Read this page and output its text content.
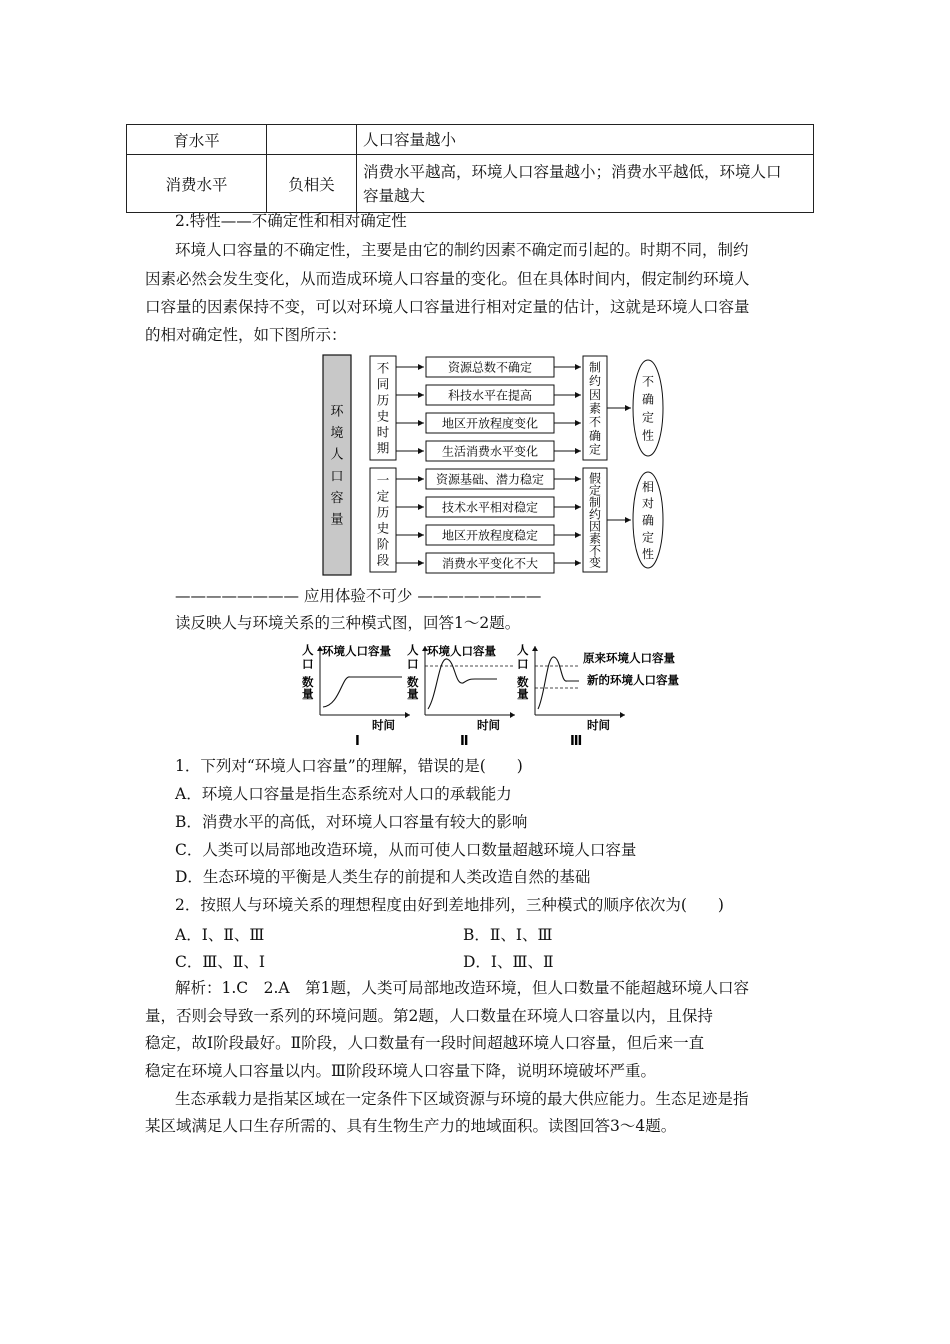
育水平		人口容量越小
消费水平	负相关	消费水平越高，环境人口容量越小；消费水平越低，环境人口
容量越大
2.特性——不确定性和相对确定性
环境人口容量的不确定性，主要是由它的制约因素不确定而引起的。时期不同，制约
因素必然会发生变化，从而造成环境人口容量的变化。但在具体时间内，假定制约环境人
口容量的因素保持不变，可以对环境人口容量进行相对定量的估计，这就是环境人口容量
的相对确定性，如下图所示：
环
境
人
口
容
量
不
同
历
史
时
期
一
定
历
史
阶
段
资源总数不确定
科技水平在提高
地区开放程度变化
生活消费水平变化
资源基础、潜力稳定
技术水平相对稳定
地区开放程度稳定
消费水平变化不大
制
约
因
素
不
确
定
假
定
制
约
因
素
不
变
不
确
定
性
相
对
确
定
性
———————— 应用体验不可少 ————————
读反映人与环境关系的三种模式图，回答1～2题。
人
口
数
量
时间
Ⅰ
环境人口容量 人
口
数
量
时间
Ⅱ
环境人口容量 人
口
数
量
时间
Ⅲ
原来环境人口容量
新的环境人口容量
1．下列对“环境人口容量”的理解，错误的是(　　)
A．环境人口容量是指生态系统对人口的承载能力
B．消费水平的高低，对环境人口容量有较大的影响
C．人类可以局部地改造环境，从而可使人口数量超越环境人口容量
D．生态环境的平衡是人类生存的前提和人类改造自然的基础
2．按照人与环境关系的理想程度由好到差地排列，三种模式的顺序依次为(　　)
A．Ⅰ、Ⅱ、Ⅲ	B．Ⅱ、Ⅰ、Ⅲ
C．Ⅲ、Ⅱ、Ⅰ	D．Ⅰ、Ⅲ、Ⅱ
解析：1.C　2.A　第1题，人类可局部地改造环境，但人口数量不能超越环境人口容
量，否则会导致一系列的环境问题。第2题，人口数量在环境人口容量以内，且保持
稳定，故Ⅰ阶段最好。Ⅱ阶段，人口数量有一段时间超越环境人口容量，但后来一直
稳定在环境人口容量以内。Ⅲ阶段环境人口容量下降，说明环境破坏严重。
生态承载力是指某区域在一定条件下区域资源与环境的最大供应能力。生态足迹是指
某区域满足人口生存所需的、具有生物生产力的地域面积。读图回答3～4题。
